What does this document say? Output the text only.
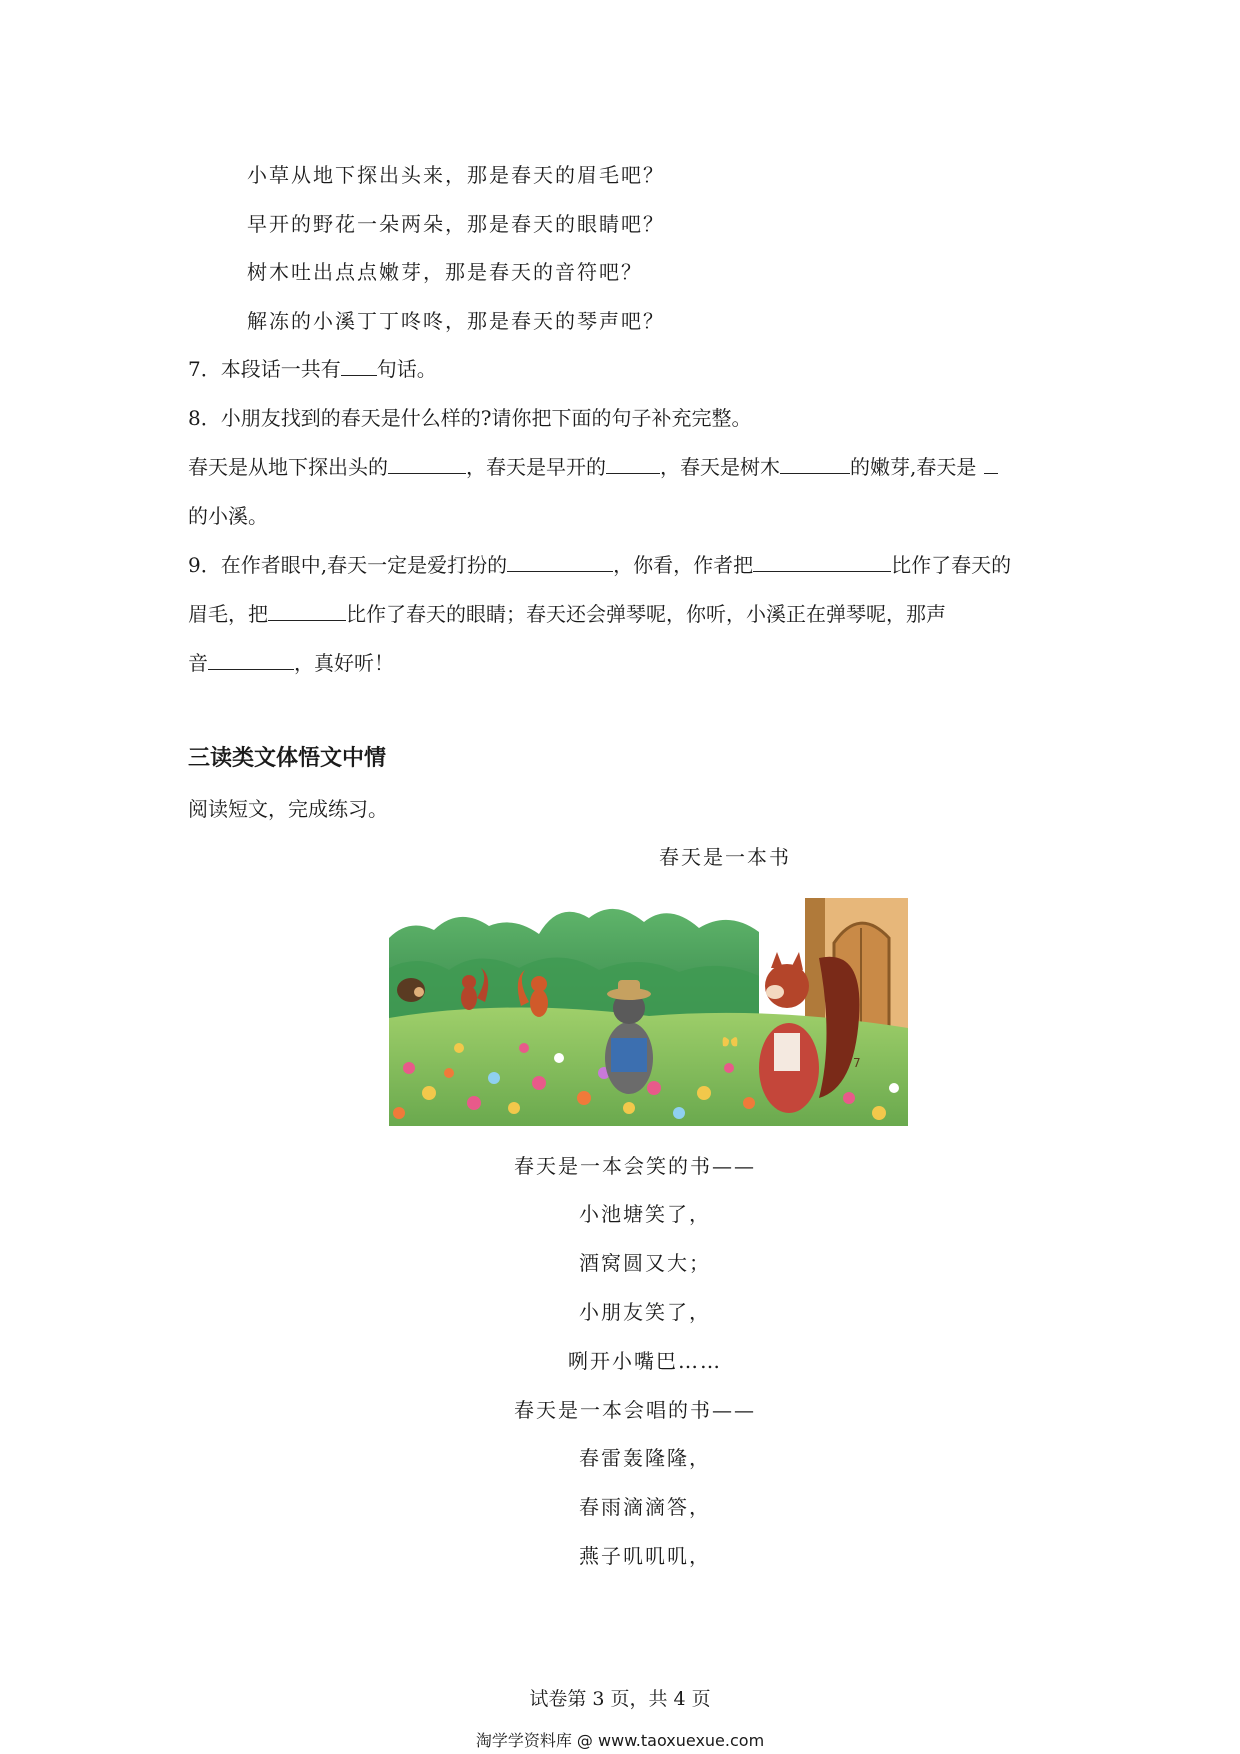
小草从地下探出头来，那是春天的眉毛吧？
早开的野花一朵两朵，那是春天的眼睛吧？
树木吐出点点嫩芽，那是春天的音符吧？
解冻的小溪丁丁咚咚，那是春天的琴声吧？
7．本段话一共有 句话。
8．小朋友找到的春天是什么样的?请你把下面的句子补充完整。
春天是从地下探出头的	，春天是早开的	，春天是树木	的嫩芽,春天是
的小溪。
9．在作者眼中,春天一定是爱打扮的	，你看，作者把	比作了春天的
眉毛，把	比作了春天的眼睛；春天还会弹琴呢，你听，小溪正在弹琴呢，那声
音	，真好听！
三读类文体悟文中情
阅读短文，完成练习。
春天是一本书
7
春天是一本会笑的书——
小池塘笑了，
酒窝圆又大；
小朋友笑了，
咧开小嘴巴……
春天是一本会唱的书——
春雷轰隆隆，
春雨滴滴答，
燕子叽叽叽，
试卷第 3 页，共 4 页
淘学学资料库 @ www.taoxuexue.com
